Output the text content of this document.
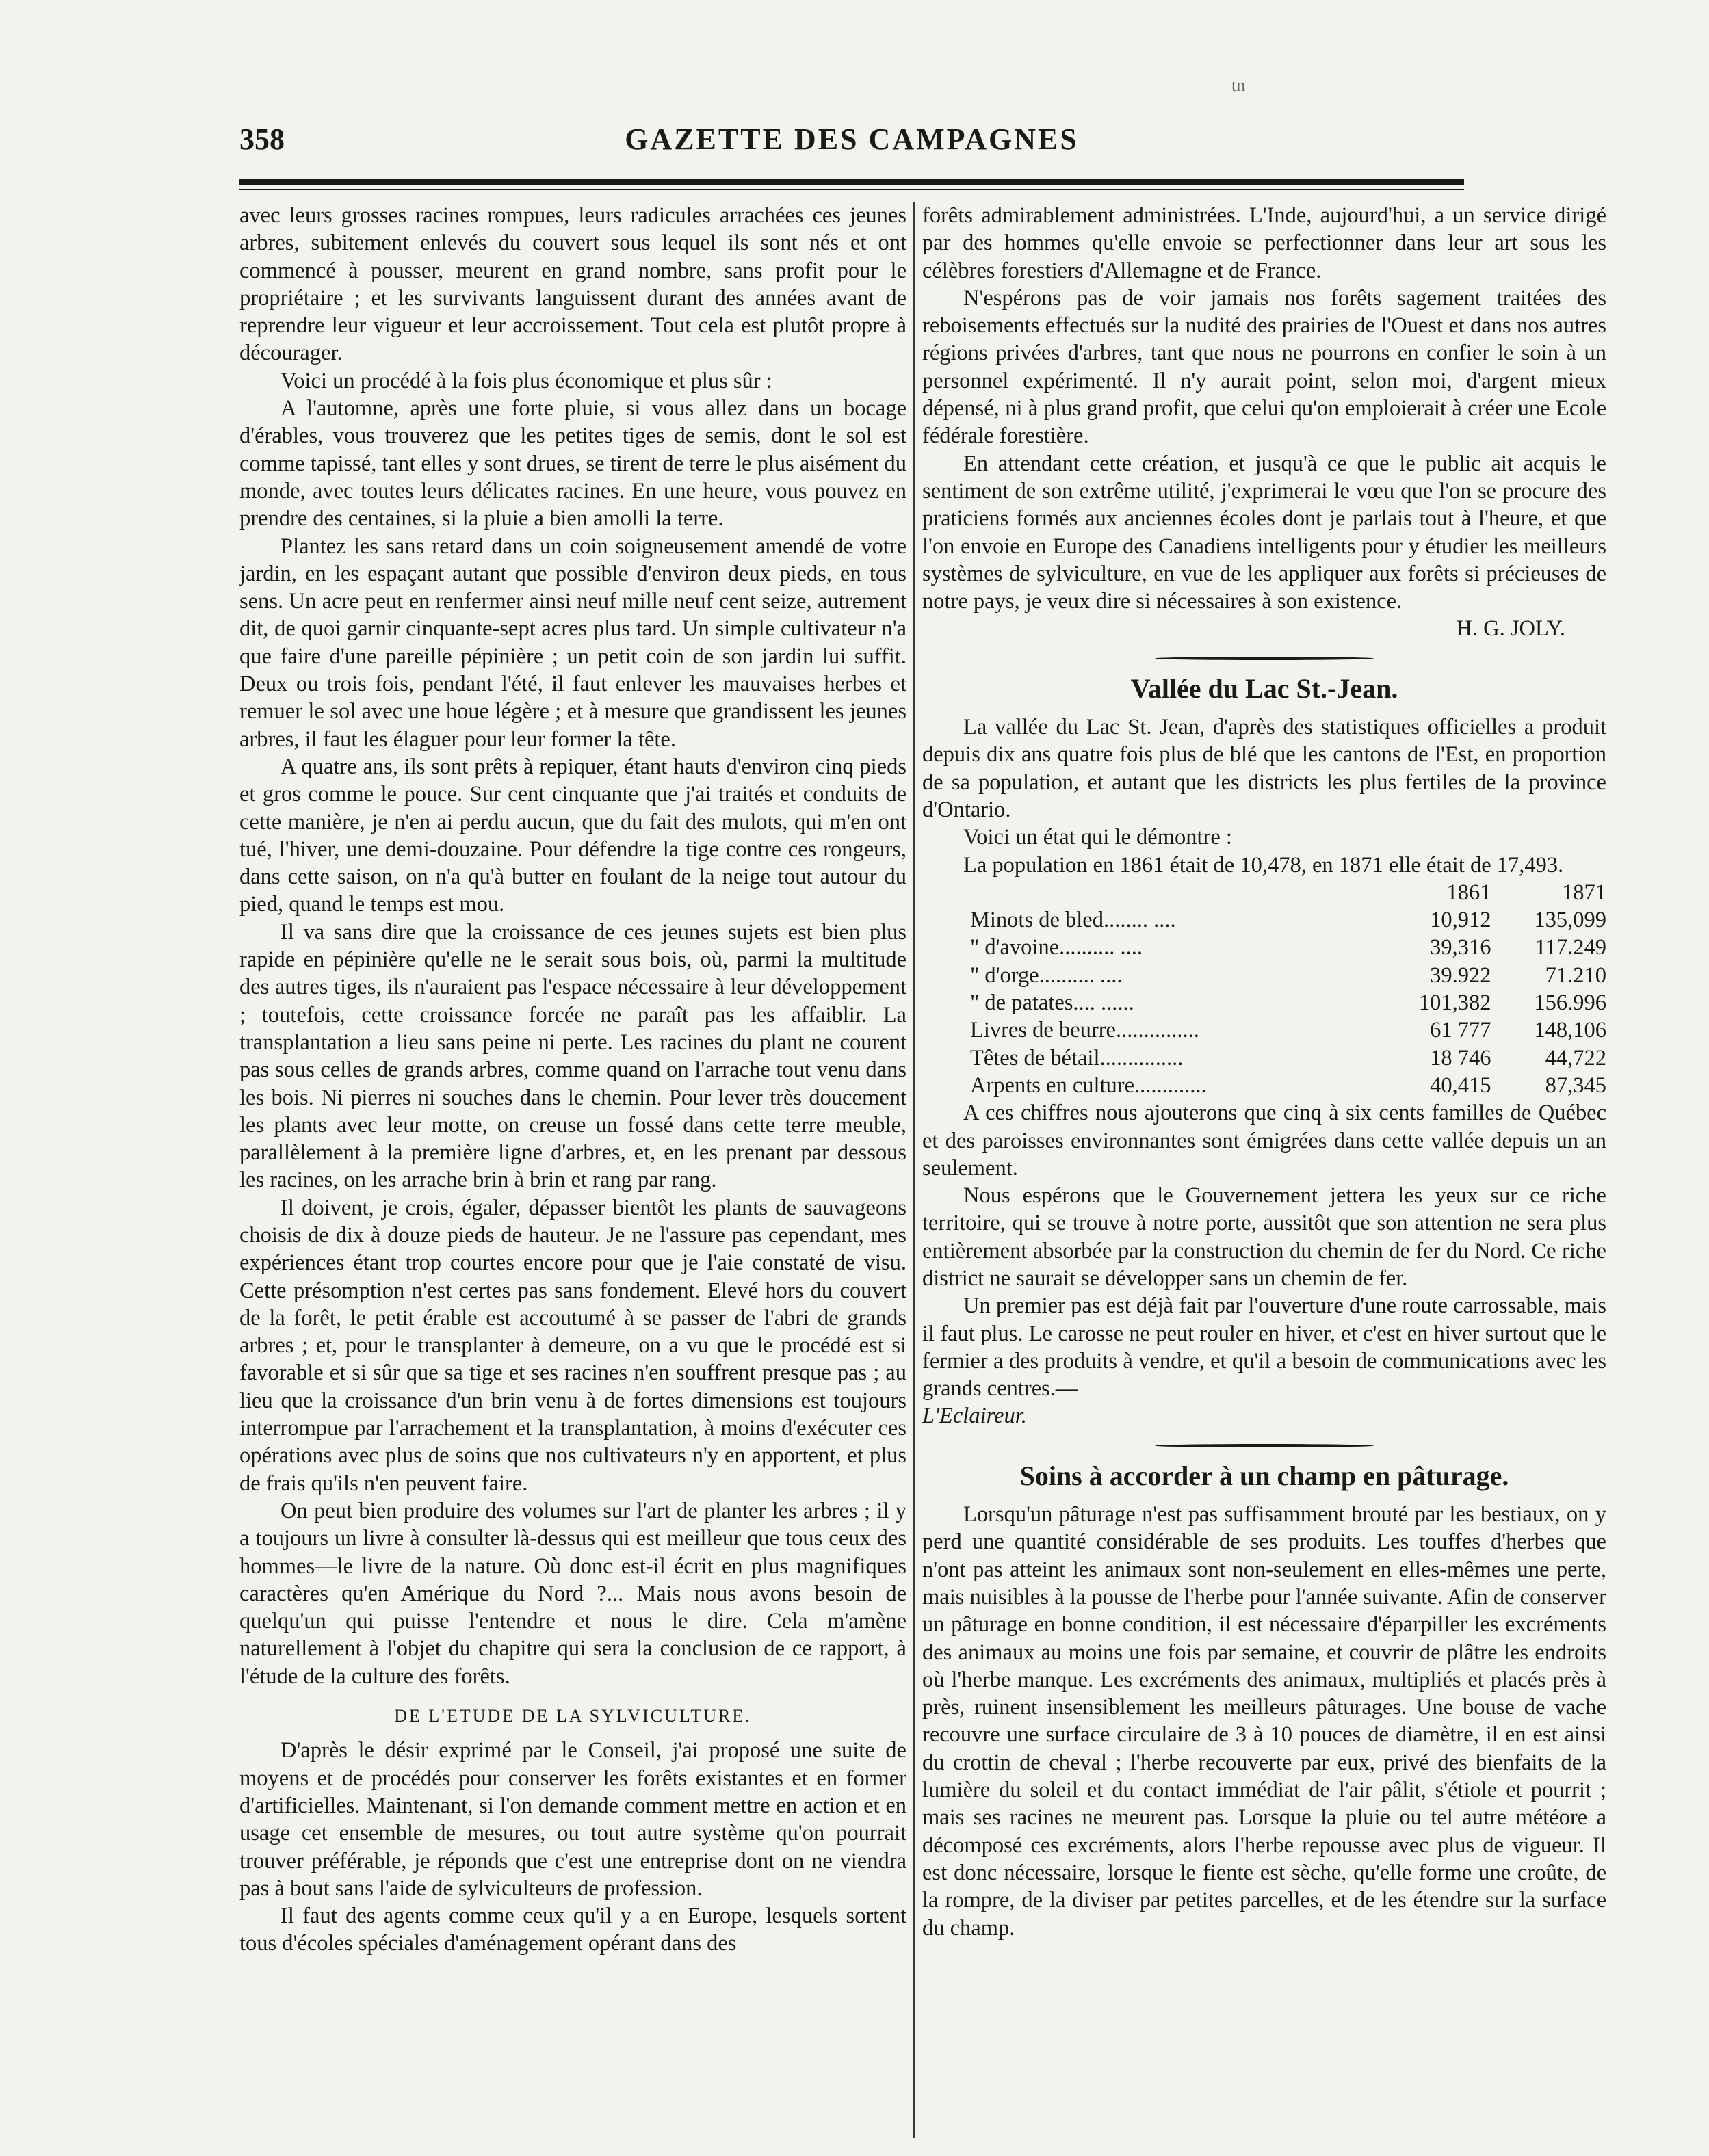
tn
358	GAZETTE DES CAMPAGNES

avec leurs grosses racines rompues, leurs radicules arrachées ces jeunes arbres, subitement enlevés du couvert sous lequel ils sont nés et ont commencé à pousser, meurent en grand nombre, sans profit pour le propriétaire ; et les survivants languissent durant des années avant de reprendre leur vigueur et leur accroissement. Tout cela est plutôt propre à décourager.

Voici un procédé à la fois plus économique et plus sûr :

A l'automne, après une forte pluie, si vous allez dans un bocage d'érables, vous trouverez que les petites tiges de semis, dont le sol est comme tapissé, tant elles y sont drues, se tirent de terre le plus aisément du monde, avec toutes leurs délicates racines. En une heure, vous pouvez en prendre des centaines, si la pluie a bien amolli la terre.

Plantez les sans retard dans un coin soigneusement amendé de votre jardin, en les espaçant autant que possible d'environ deux pieds, en tous sens. Un acre peut en renfermer ainsi neuf mille neuf cent seize, autrement dit, de quoi garnir cinquante-sept acres plus tard. Un simple cultivateur n'a que faire d'une pareille pépinière ; un petit coin de son jardin lui suffit. Deux ou trois fois, pendant l'été, il faut enlever les mauvaises herbes et remuer le sol avec une houe légère ; et à mesure que grandissent les jeunes arbres, il faut les élaguer pour leur former la tête.

A quatre ans, ils sont prêts à repiquer, étant hauts d'environ cinq pieds et gros comme le pouce. Sur cent cinquante que j'ai traités et conduits de cette manière, je n'en ai perdu aucun, que du fait des mulots, qui m'en ont tué, l'hiver, une demi-douzaine. Pour défendre la tige contre ces rongeurs, dans cette saison, on n'a qu'à butter en foulant de la neige tout autour du pied, quand le temps est mou.

Il va sans dire que la croissance de ces jeunes sujets est bien plus rapide en pépinière qu'elle ne le serait sous bois, où, parmi la multitude des autres tiges, ils n'auraient pas l'espace nécessaire à leur développement ; toutefois, cette croissance forcée ne paraît pas les affaiblir. La transplantation a lieu sans peine ni perte. Les racines du plant ne courent pas sous celles de grands arbres, comme quand on l'arrache tout venu dans les bois. Ni pierres ni souches dans le chemin. Pour lever très doucement les plants avec leur motte, on creuse un fossé dans cette terre meuble, parallèlement à la première ligne d'arbres, et, en les prenant par dessous les racines, on les arrache brin à brin et rang par rang.

Il doivent, je crois, égaler, dépasser bientôt les plants de sauvageons choisis de dix à douze pieds de hauteur. Je ne l'assure pas cependant, mes expériences étant trop courtes encore pour que je l'aie constaté de visu. Cette présomption n'est certes pas sans fondement. Elevé hors du couvert de la forêt, le petit érable est accoutumé à se passer de l'abri de grands arbres ; et, pour le transplanter à demeure, on a vu que le procédé est si favorable et si sûr que sa tige et ses racines n'en souffrent presque pas ; au lieu que la croissance d'un brin venu à de fortes dimensions est toujours interrompue par l'arrachement et la transplantation, à moins d'exécuter ces opérations avec plus de soins que nos cultivateurs n'y en apportent, et plus de frais qu'ils n'en peuvent faire.

On peut bien produire des volumes sur l'art de planter les arbres ; il y a toujours un livre à consulter là-dessus qui est meilleur que tous ceux des hommes—le livre de la nature. Où donc est-il écrit en plus magnifiques caractères qu'en Amérique du Nord ?... Mais nous avons besoin de quelqu'un qui puisse l'entendre et nous le dire. Cela m'amène naturellement à l'objet du chapitre qui sera la conclusion de ce rapport, à l'étude de la culture des forêts.

DE L'ETUDE DE LA SYLVICULTURE.

D'après le désir exprimé par le Conseil, j'ai proposé une suite de moyens et de procédés pour conserver les forêts existantes et en former d'artificielles. Maintenant, si l'on demande comment mettre en action et en usage cet ensemble de mesures, ou tout autre système qu'on pourrait trouver préférable, je réponds que c'est une entreprise dont on ne viendra pas à bout sans l'aide de sylviculteurs de profession.

Il faut des agents comme ceux qu'il y a en Europe, lesquels sortent tous d'écoles spéciales d'aménagement opérant dans des

forêts admirablement administrées. L'Inde, aujourd'hui, a un service dirigé par des hommes qu'elle envoie se perfectionner dans leur art sous les célèbres forestiers d'Allemagne et de France.

N'espérons pas de voir jamais nos forêts sagement traitées des reboisements effectués sur la nudité des prairies de l'Ouest et dans nos autres régions privées d'arbres, tant que nous ne pourrons en confier le soin à un personnel expérimenté. Il n'y aurait point, selon moi, d'argent mieux dépensé, ni à plus grand profit, que celui qu'on emploierait à créer une Ecole fédérale forestière.

En attendant cette création, et jusqu'à ce que le public ait acquis le sentiment de son extrême utilité, j'exprimerai le vœu que l'on se procure des praticiens formés aux anciennes écoles dont je parlais tout à l'heure, et que l'on envoie en Europe des Canadiens intelligents pour y étudier les meilleurs systèmes de sylviculture, en vue de les appliquer aux forêts si précieuses de notre pays, je veux dire si nécessaires à son existence.

H. G. JOLY.

Vallée du Lac St.-Jean.

La vallée du Lac St. Jean, d'après des statistiques officielles a produit depuis dix ans quatre fois plus de blé que les cantons de l'Est, en proportion de sa population, et autant que les districts les plus fertiles de la province d'Ontario.

Voici un état qui le démontre :

La population en 1861 était de 10,478, en 1871 elle était de 17,493.

	1861	1871
Minots de bled........ ....	10,912	135,099
" d'avoine.......... ....	39,316	117.249
" d'orge.......... ....	39.922	71.210
" de patates.... ......	101,382	156.996
Livres de beurre...............	61 777	148,106
Têtes de bétail...............	18 746	44,722
Arpents en culture.............	40,415	87,345

A ces chiffres nous ajouterons que cinq à six cents familles de Québec et des paroisses environnantes sont émigrées dans cette vallée depuis un an seulement.

Nous espérons que le Gouvernement jettera les yeux sur ce riche territoire, qui se trouve à notre porte, aussitôt que son attention ne sera plus entièrement absorbée par la construction du chemin de fer du Nord. Ce riche district ne saurait se développer sans un chemin de fer.

Un premier pas est déjà fait par l'ouverture d'une route carrossable, mais il faut plus. Le carosse ne peut rouler en hiver, et c'est en hiver surtout que le fermier a des produits à vendre, et qu'il a besoin de communications avec les grands centres.—

L'Eclaireur.

Soins à accorder à un champ en pâturage.

Lorsqu'un pâturage n'est pas suffisamment brouté par les bestiaux, on y perd une quantité considérable de ses produits. Les touffes d'herbes que n'ont pas atteint les animaux sont non-seulement en elles-mêmes une perte, mais nuisibles à la pousse de l'herbe pour l'année suivante. Afin de conserver un pâturage en bonne condition, il est nécessaire d'éparpiller les excréments des animaux au moins une fois par semaine, et couvrir de plâtre les endroits où l'herbe manque. Les excréments des animaux, multipliés et placés près à près, ruinent insensiblement les meilleurs pâturages. Une bouse de vache recouvre une surface circulaire de 3 à 10 pouces de diamètre, il en est ainsi du crottin de cheval ; l'herbe recouverte par eux, privé des bienfaits de la lumière du soleil et du contact immédiat de l'air pâlit, s'étiole et pourrit ; mais ses racines ne meurent pas. Lorsque la pluie ou tel autre météore a décomposé ces excréments, alors l'herbe repousse avec plus de vigueur. Il est donc nécessaire, lorsque le fiente est sèche, qu'elle forme une croûte, de la rompre, de la diviser par petites parcelles, et de les étendre sur la surface du champ.
